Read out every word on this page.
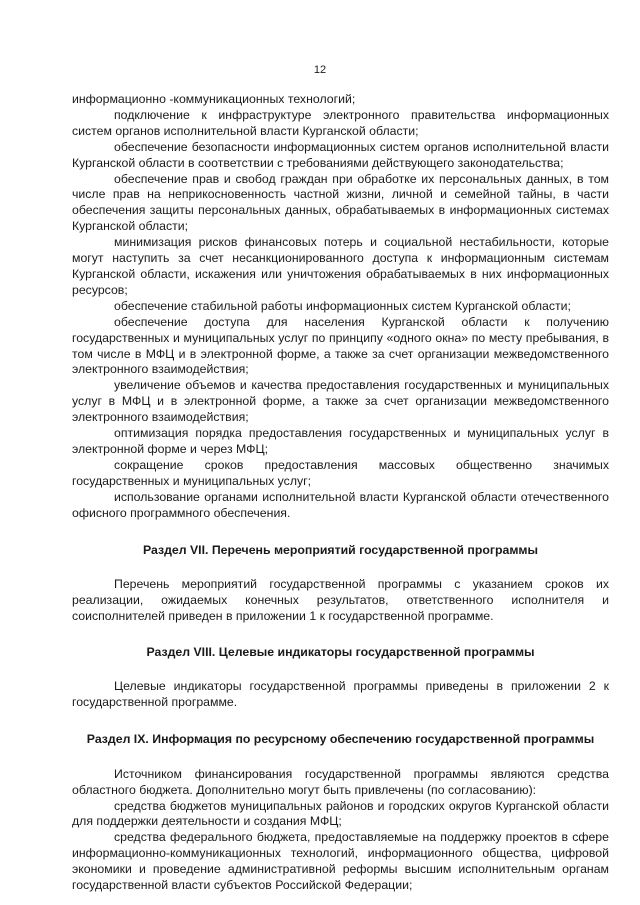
12

информационно -коммуникационных технологий;

подключение к инфраструктуре электронного правительства информационных систем органов исполнительной власти Курганской области;

обеспечение безопасности информационных систем органов исполнительной власти Курганской области в соответствии с требованиями действующего законодательства;

обеспечение прав и свобод граждан при обработке их персональных данных, в том числе прав на неприкосновенность частной жизни, личной и семейной тайны, в части обеспечения защиты персональных данных, обрабатываемых в информационных системах Курганской области;

минимизация рисков финансовых потерь и социальной нестабильности, которые могут наступить за счет несанкционированного доступа к информационным системам Курганской области, искажения или уничтожения обрабатываемых в них информационных ресурсов;

обеспечение стабильной работы информационных систем Курганской области;

обеспечение доступа для населения Курганской области к получению государственных и муниципальных услуг по принципу «одного окна» по месту пребывания, в том числе в МФЦ и в электронной форме, а также за счет организации межведомственного электронного взаимодействия;

увеличение объемов и качества предоставления государственных и муниципальных услуг в МФЦ и в электронной форме, а также за счет организации межведомственного электронного взаимодействия;

оптимизация порядка предоставления государственных и муниципальных услуг в электронной форме и через МФЦ;

сокращение сроков предоставления массовых общественно значимых государственных и муниципальных услуг;

использование органами исполнительной власти Курганской области отечественного офисного программного обеспечения.

Раздел VII. Перечень мероприятий государственной программы

Перечень мероприятий государственной программы с указанием сроков их реализации, ожидаемых конечных результатов, ответственного исполнителя и соисполнителей приведен в приложении 1 к государственной программе.

Раздел VIII. Целевые индикаторы государственной программы

Целевые индикаторы государственной программы приведены в приложении 2 к государственной программе.

Раздел IX. Информация по ресурсному обеспечению государственной программы

Источником финансирования государственной программы являются средства областного бюджета. Дополнительно могут быть привлечены (по согласованию):

средства бюджетов муниципальных районов и городских округов Курганской области для поддержки деятельности и создания МФЦ;

средства федерального бюджета, предоставляемые на поддержку проектов в сфере информационно-коммуникационных технологий, информационного общества, цифровой экономики и проведение административной реформы высшим исполнительным органам государственной власти субъектов Российской Федерации;
